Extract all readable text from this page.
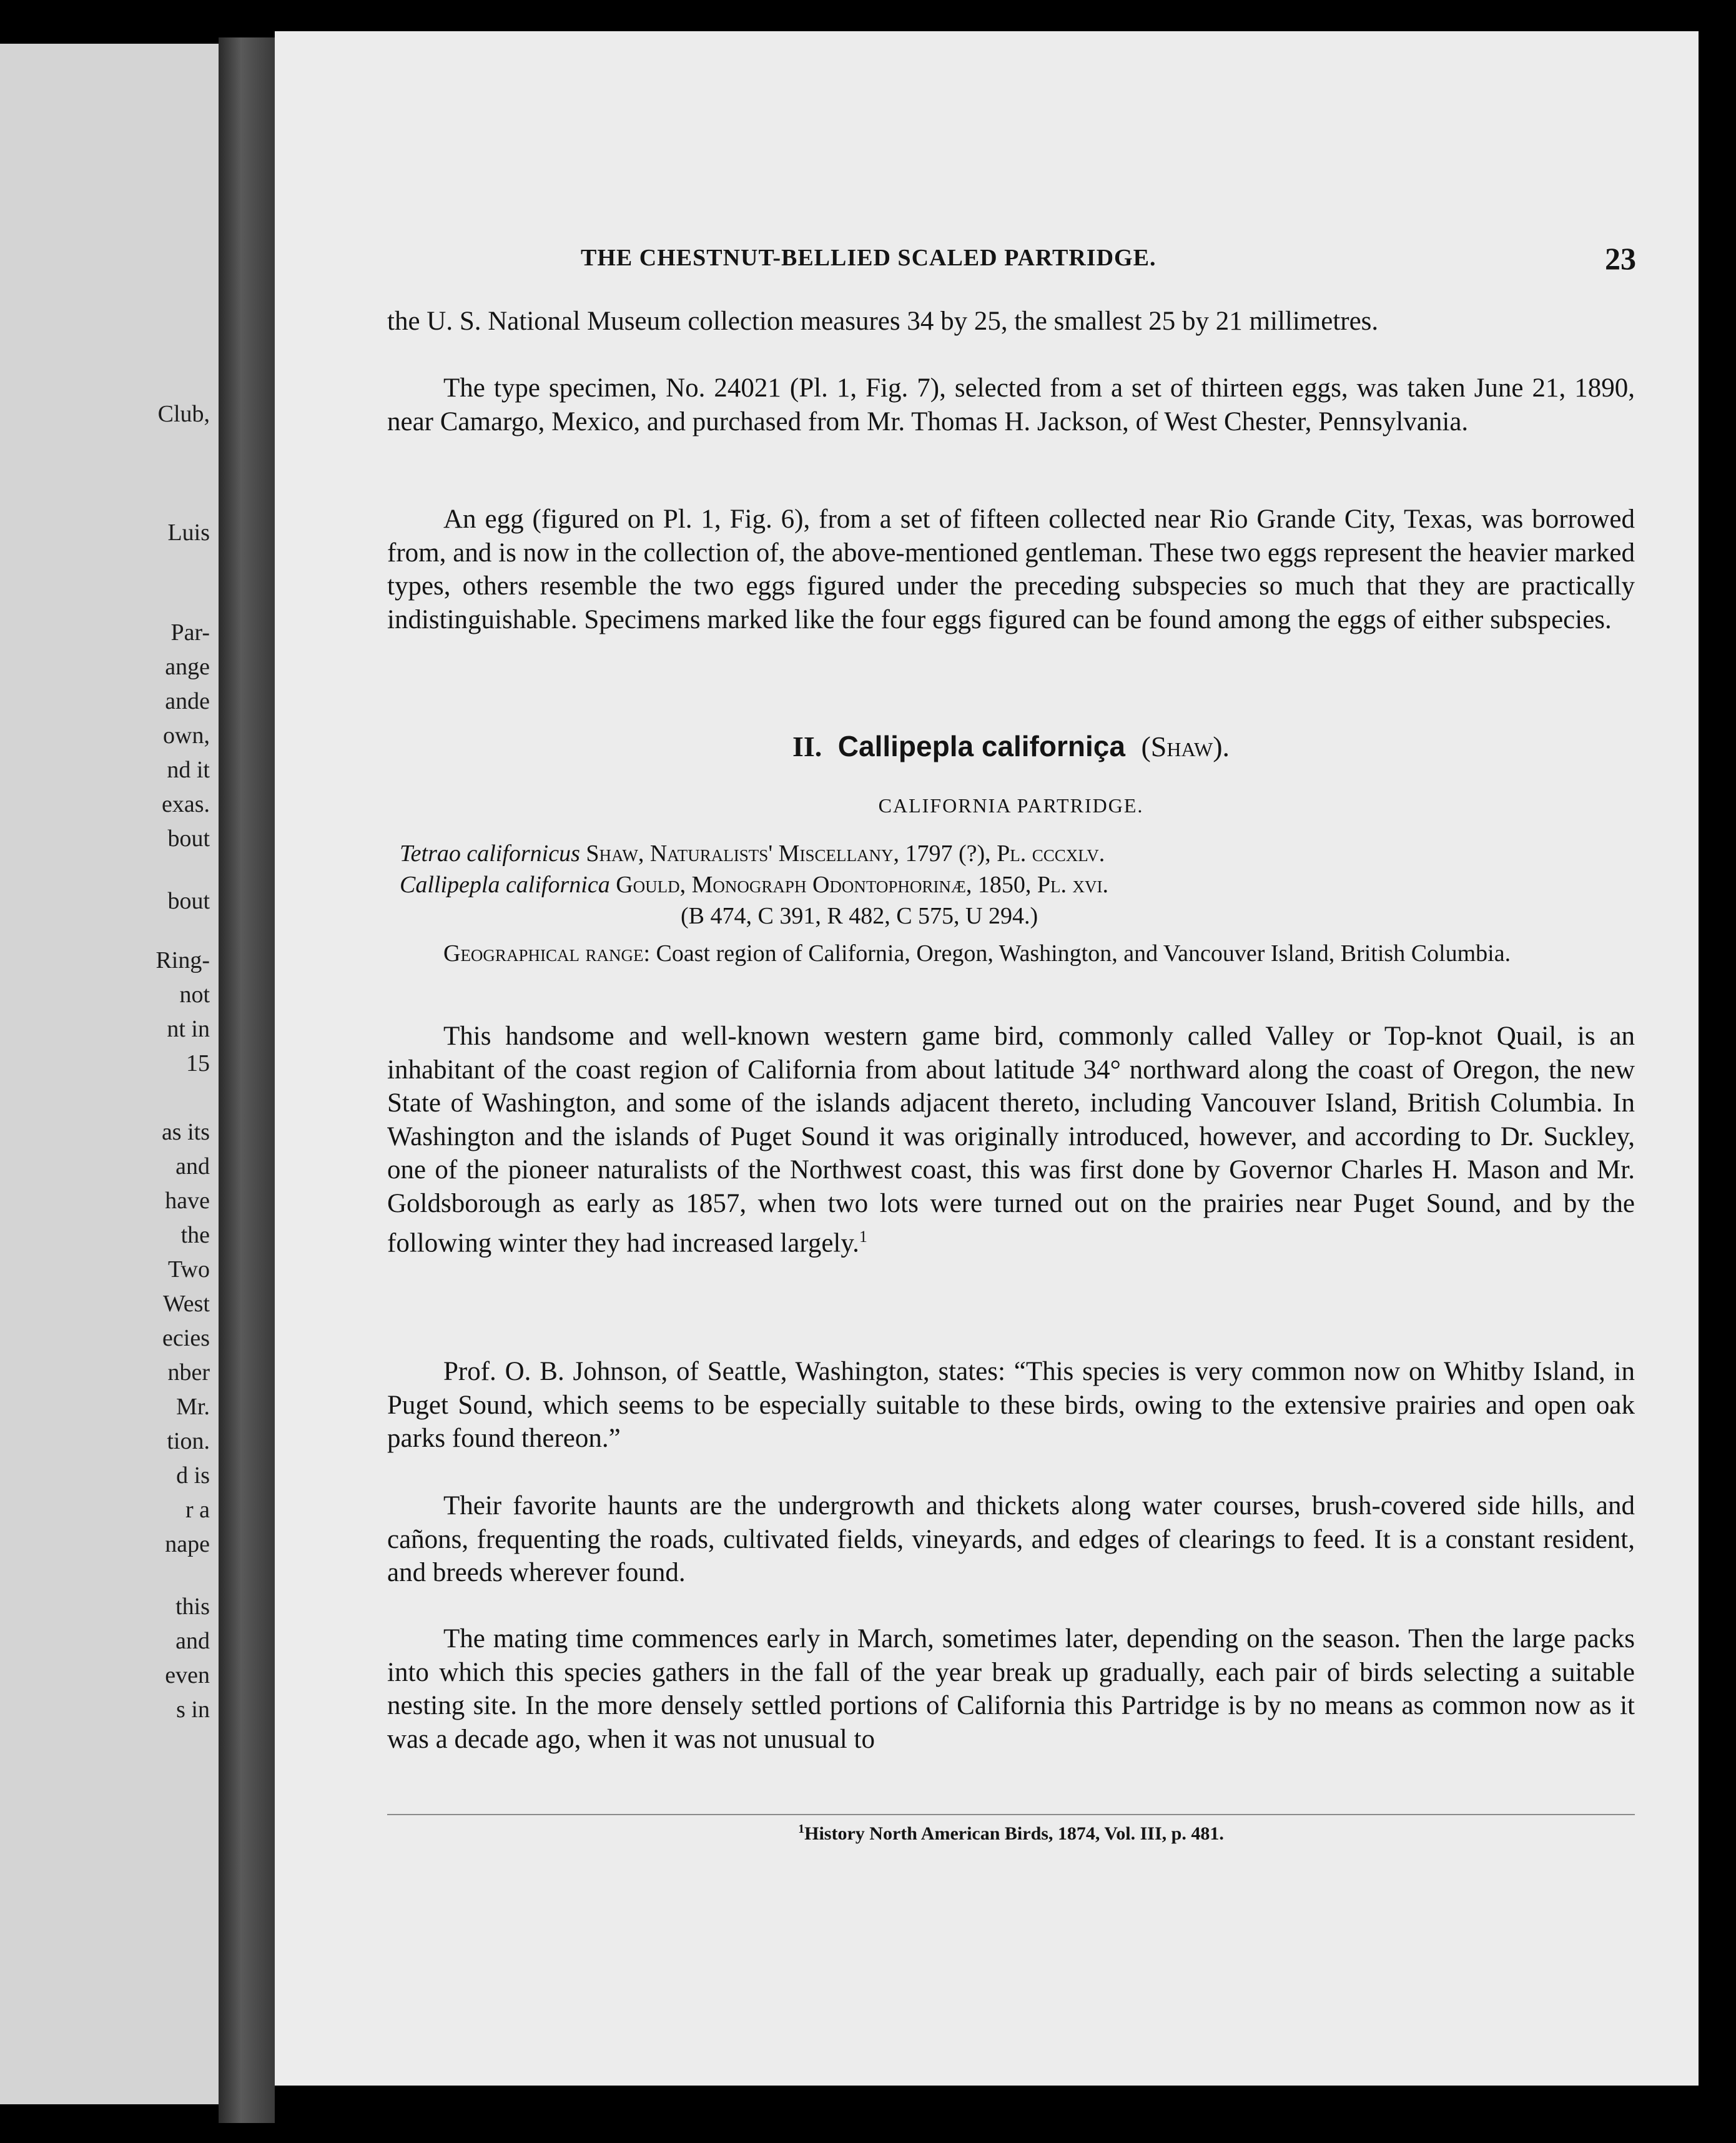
Club,
Luis
Par-
ange
ande
own,
nd it
exas.
bout
bout
Ring-
not
nt in
15
as its
and
have
the
Two
West
ecies
nber
Mr.
tion.
d is
r a
nape
this
and
even
s in
THE CHESTNUT-BELLIED SCALED PARTRIDGE.	23

the U. S. National Museum collection measures 34 by 25, the smallest 25 by 21 millimetres.

The type specimen, No. 24021 (Pl. 1, Fig. 7), selected from a set of thirteen eggs, was taken June 21, 1890, near Camargo, Mexico, and purchased from Mr. Thomas H. Jackson, of West Chester, Pennsylvania.

An egg (figured on Pl. 1, Fig. 6), from a set of fifteen collected near Rio Grande City, Texas, was borrowed from, and is now in the collection of, the above-mentioned gentleman. These two eggs represent the heavier marked types, others resemble the two eggs figured under the preceding subspecies so much that they are practically indistinguishable. Specimens marked like the four eggs figured can be found among the eggs of either subspecies.

II. Callipepla californiça (Shaw).
CALIFORNIA PARTRIDGE.
Tetrao californicus Shaw, Naturalists' Miscellany, 1797 (?), Pl. cccxlv.
Callipepla californica Gould, Monograph Odontophorinæ, 1850, Pl. xvi.
(B 474, C 391, R 482, C 575, U 294.)

Geographical range: Coast region of California, Oregon, Washington, and Vancouver Island, British Columbia.

This handsome and well-known western game bird, commonly called Valley or Top-knot Quail, is an inhabitant of the coast region of California from about latitude 34° northward along the coast of Oregon, the new State of Washington, and some of the islands adjacent thereto, including Vancouver Island, British Columbia. In Washington and the islands of Puget Sound it was originally introduced, however, and according to Dr. Suckley, one of the pioneer naturalists of the Northwest coast, this was first done by Governor Charles H. Mason and Mr. Goldsborough as early as 1857, when two lots were turned out on the prairies near Puget Sound, and by the following winter they had increased largely.$^1$

Prof. O. B. Johnson, of Seattle, Washington, states: “This species is very common now on Whitby Island, in Puget Sound, which seems to be especially suitable to these birds, owing to the extensive prairies and open oak parks found thereon.”

Their favorite haunts are the undergrowth and thickets along water courses, brush-covered side hills, and cañons, frequenting the roads, cultivated fields, vineyards, and edges of clearings to feed. It is a constant resident, and breeds wherever found.

The mating time commences early in March, sometimes later, depending on the season. Then the large packs into which this species gathers in the fall of the year break up gradually, each pair of birds selecting a suitable nesting site. In the more densely settled portions of California this Partridge is by no means as common now as it was a decade ago, when it was not unusual to

$^1$History North American Birds, 1874, Vol. III, p. 481.
